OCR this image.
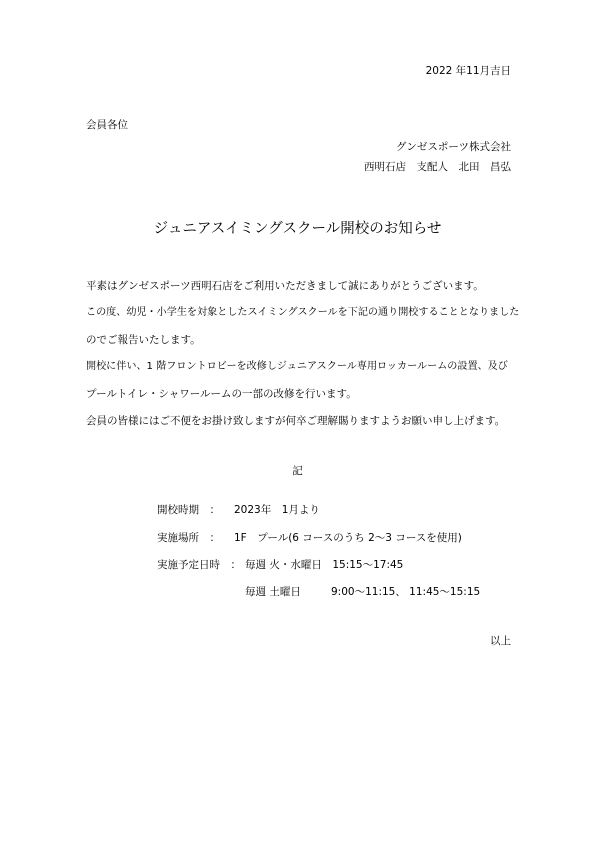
2022 年11月吉日
会員各位
グンゼスポーツ株式会社
西明石店　支配人　北田　昌弘
ジュニアスイミングスクール開校のお知らせ
平素はグンゼスポーツ西明石店をご利用いただきまして誠にありがとうございます。
この度、幼児・小学生を対象としたスイミングスクールを下記の通り開校することとなりました
のでご報告いたします。
開校に伴い、1 階フロントロビーを改修しジュニアスクール専用ロッカールームの設置、及び
プールトイレ・シャワールームの一部の改修を行います。
会員の皆様にはご不便をお掛け致しますが何卒ご理解賜りますようお願い申し上げます。
記
開校時期　： 2023年　1月より
実施場所　： 1F　プール(6 コースのうち 2～3 コースを使用)
実施予定日時　： 毎週 火・水曜日　15:15～17:45
毎週 土曜日	9:00～11:15、 11:45～15:15
以上
